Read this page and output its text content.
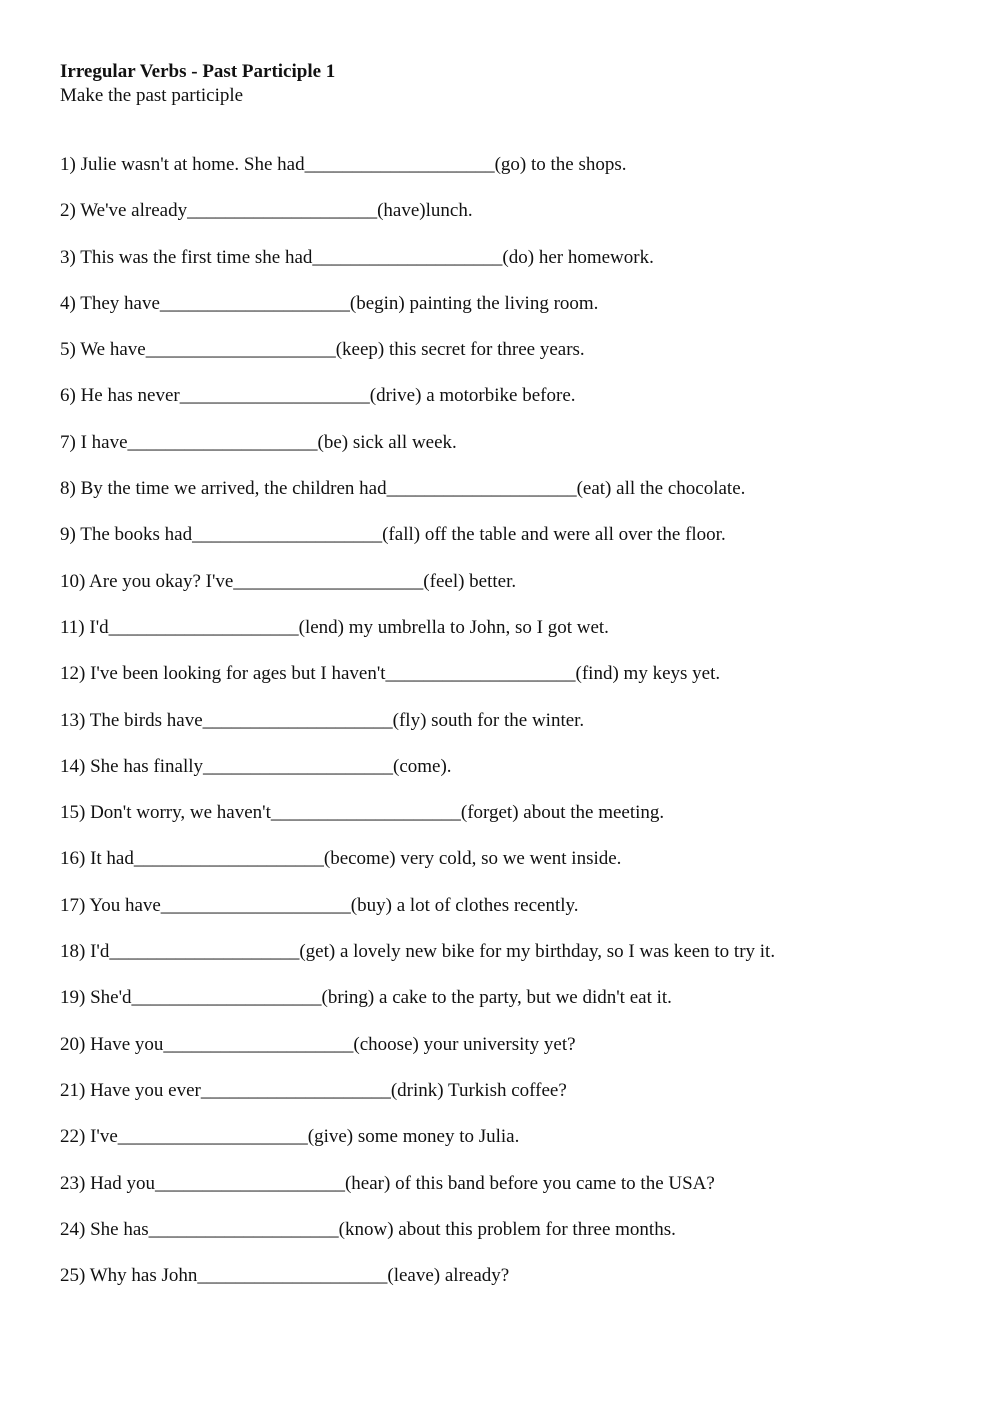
Irregular Verbs - Past Participle 1
Make the past participle
1) Julie wasn't at home. She had____________________(go) to the shops.
2) We've already____________________(have)lunch.
3) This was the first time she had____________________(do) her homework.
4) They have____________________(begin) painting the living room.
5) We have____________________(keep) this secret for three years.
6) He has never____________________(drive) a motorbike before.
7) I have____________________(be) sick all week.
8) By the time we arrived, the children had____________________(eat) all the chocolate.
9) The books had____________________(fall) off the table and were all over the floor.
10) Are you okay? I've____________________(feel) better.
11) I'd____________________(lend) my umbrella to John, so I got wet.
12) I've been looking for ages but I haven't____________________(find) my keys yet.
13) The birds have____________________(fly) south for the winter.
14) She has finally____________________(come).
15) Don't worry, we haven't____________________(forget) about the meeting.
16) It had____________________(become) very cold, so we went inside.
17) You have____________________(buy) a lot of clothes recently.
18) I'd____________________(get) a lovely new bike for my birthday, so I was keen to try it.
19) She'd____________________(bring) a cake to the party, but we didn't eat it.
20) Have you____________________(choose) your university yet?
21) Have you ever____________________(drink) Turkish coffee?
22) I've____________________(give) some money to Julia.
23) Had you____________________(hear) of this band before you came to the USA?
24) She has____________________(know) about this problem for three months.
25) Why has John____________________(leave) already?
